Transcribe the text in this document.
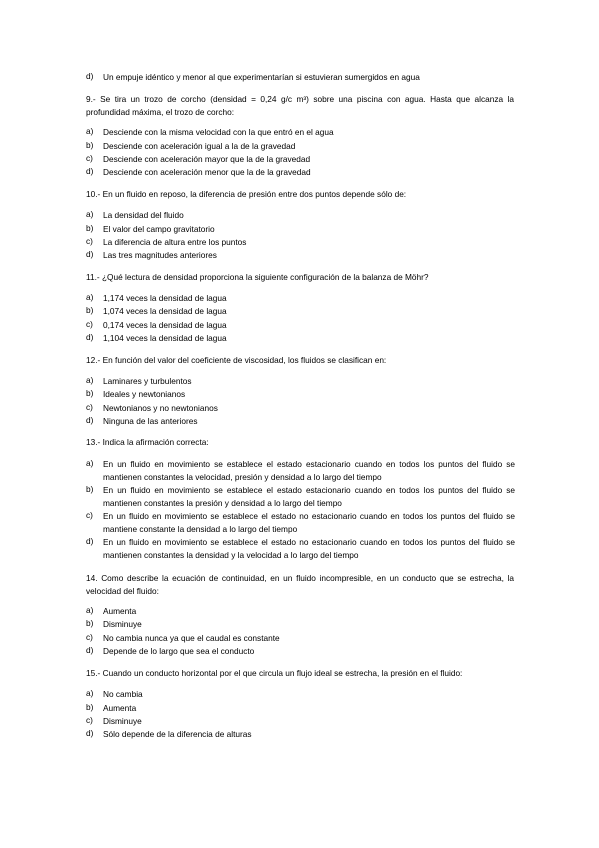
d) Un empuje idéntico y menor al que experimentarían si estuvieran sumergidos en agua
9.- Se tira un trozo de corcho (densidad = 0,24 g/c m³) sobre una piscina con agua. Hasta que alcanza la profundidad máxima, el trozo de corcho:
a) Desciende con la misma velocidad con la que entró en el agua
b) Desciende con aceleración igual a la de la gravedad
c) Desciende con aceleración mayor que la de la gravedad
d) Desciende con aceleración menor que la de la gravedad
10.- En un fluido en reposo, la diferencia de presión entre dos puntos depende sólo de:
a) La densidad del fluido
b) El valor del campo gravitatorio
c) La diferencia de altura entre los puntos
d) Las tres magnitudes anteriores
11.- ¿Qué lectura de densidad proporciona la siguiente configuración de la balanza de Möhr?
a) 1,174 veces la densidad de lagua
b) 1,074 veces la densidad de lagua
c) 0,174 veces la densidad de lagua
d) 1,104 veces la densidad de lagua
12.- En función del valor del coeficiente de viscosidad, los fluidos se clasifican en:
a) Laminares y turbulentos
b) Ideales y newtonianos
c) Newtonianos y no newtonianos
d) Ninguna de las anteriores
13.- Indica la afirmación correcta:
a) En un fluido en movimiento se establece el estado estacionario cuando en todos los puntos del fluido se mantienen constantes la velocidad, presión y densidad a lo largo del tiempo
b) En un fluido en movimiento se establece el estado estacionario cuando en todos los puntos del fluido se mantienen constantes la presión y densidad a lo largo del tiempo
c) En un fluido en movimiento se establece el estado no estacionario cuando en todos los puntos del fluido se mantiene constante la densidad a lo largo del tiempo
d) En un fluido en movimiento se establece el estado no estacionario cuando en todos los puntos del fluido se mantienen constantes la densidad y la velocidad a lo largo del tiempo
14. Como describe la ecuación de continuidad, en un fluido incompresible, en un conducto que se estrecha, la velocidad del fluido:
a) Aumenta
b) Disminuye
c) No cambia nunca ya que el caudal es constante
d) Depende de lo largo que sea el conducto
15.- Cuando un conducto horizontal por el que circula un flujo ideal se estrecha, la presión en el fluido:
a) No cambia
b) Aumenta
c) Disminuye
d) Sólo depende de la diferencia de alturas
